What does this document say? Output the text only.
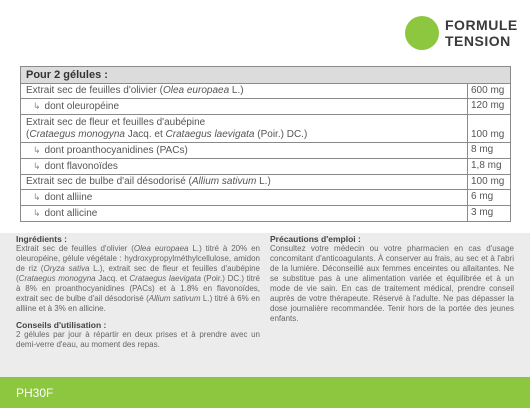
FORMULE
TENSION
Pour 2 gélules :
Extrait sec de feuilles d'olivier (Olea europaea L.)	600 mg
↳ dont oleuropéine	120 mg
Extrait sec de fleur et feuilles d'aubépine
(Crataegus monogyna Jacq. et Crataegus laevigata (Poir.) DC.)	100 mg
↳ dont proanthocyanidines (PACs)	8 mg
↳ dont flavonoïdes	1,8 mg
Extrait sec de bulbe d'ail désodorisé (Allium sativum L.)	100 mg
↳ dont alliine	6 mg
↳ dont allicine	3 mg
Ingrédients :

Extrait sec de feuilles d'olivier (Olea europaea L.) titré à 20% en oleuropéine, gélule végétale : hydroxypropylméthylcellulose, amidon de riz (Oryza sativa L.), extrait sec de fleur et feuilles d'aubépine (Crataegus monogyna Jacq. et Crataegus laevigata (Poir.) DC.) titré à 8% en proanthocyanidines (PACs) et à 1.8% en flavonoïdes, extrait sec de bulbe d'ail désodorisé (Allium sativum L.) titré à 6% en alliine et à 3% en allicine.

Conseils d'utilisation :

2 gélules par jour à répartir en deux prises et à prendre avec un demi-verre d'eau, au moment des repas.

Précautions d'emploi :

Consultez votre médecin ou votre pharmacien en cas d'usage concomitant d'anticoagulants. À conserver au frais, au sec et à l'abri de la lumière. Déconseillé aux femmes enceintes ou allaitantes. Ne se substitue pas à une alimentation variée et équilibrée et à un mode de vie sain. En cas de traitement médical, prendre conseil auprès de votre thérapeute. Réservé à l'adulte. Ne pas dépasser la dose journalière recommandée. Tenir hors de la portée des jeunes enfants.

PH30F
